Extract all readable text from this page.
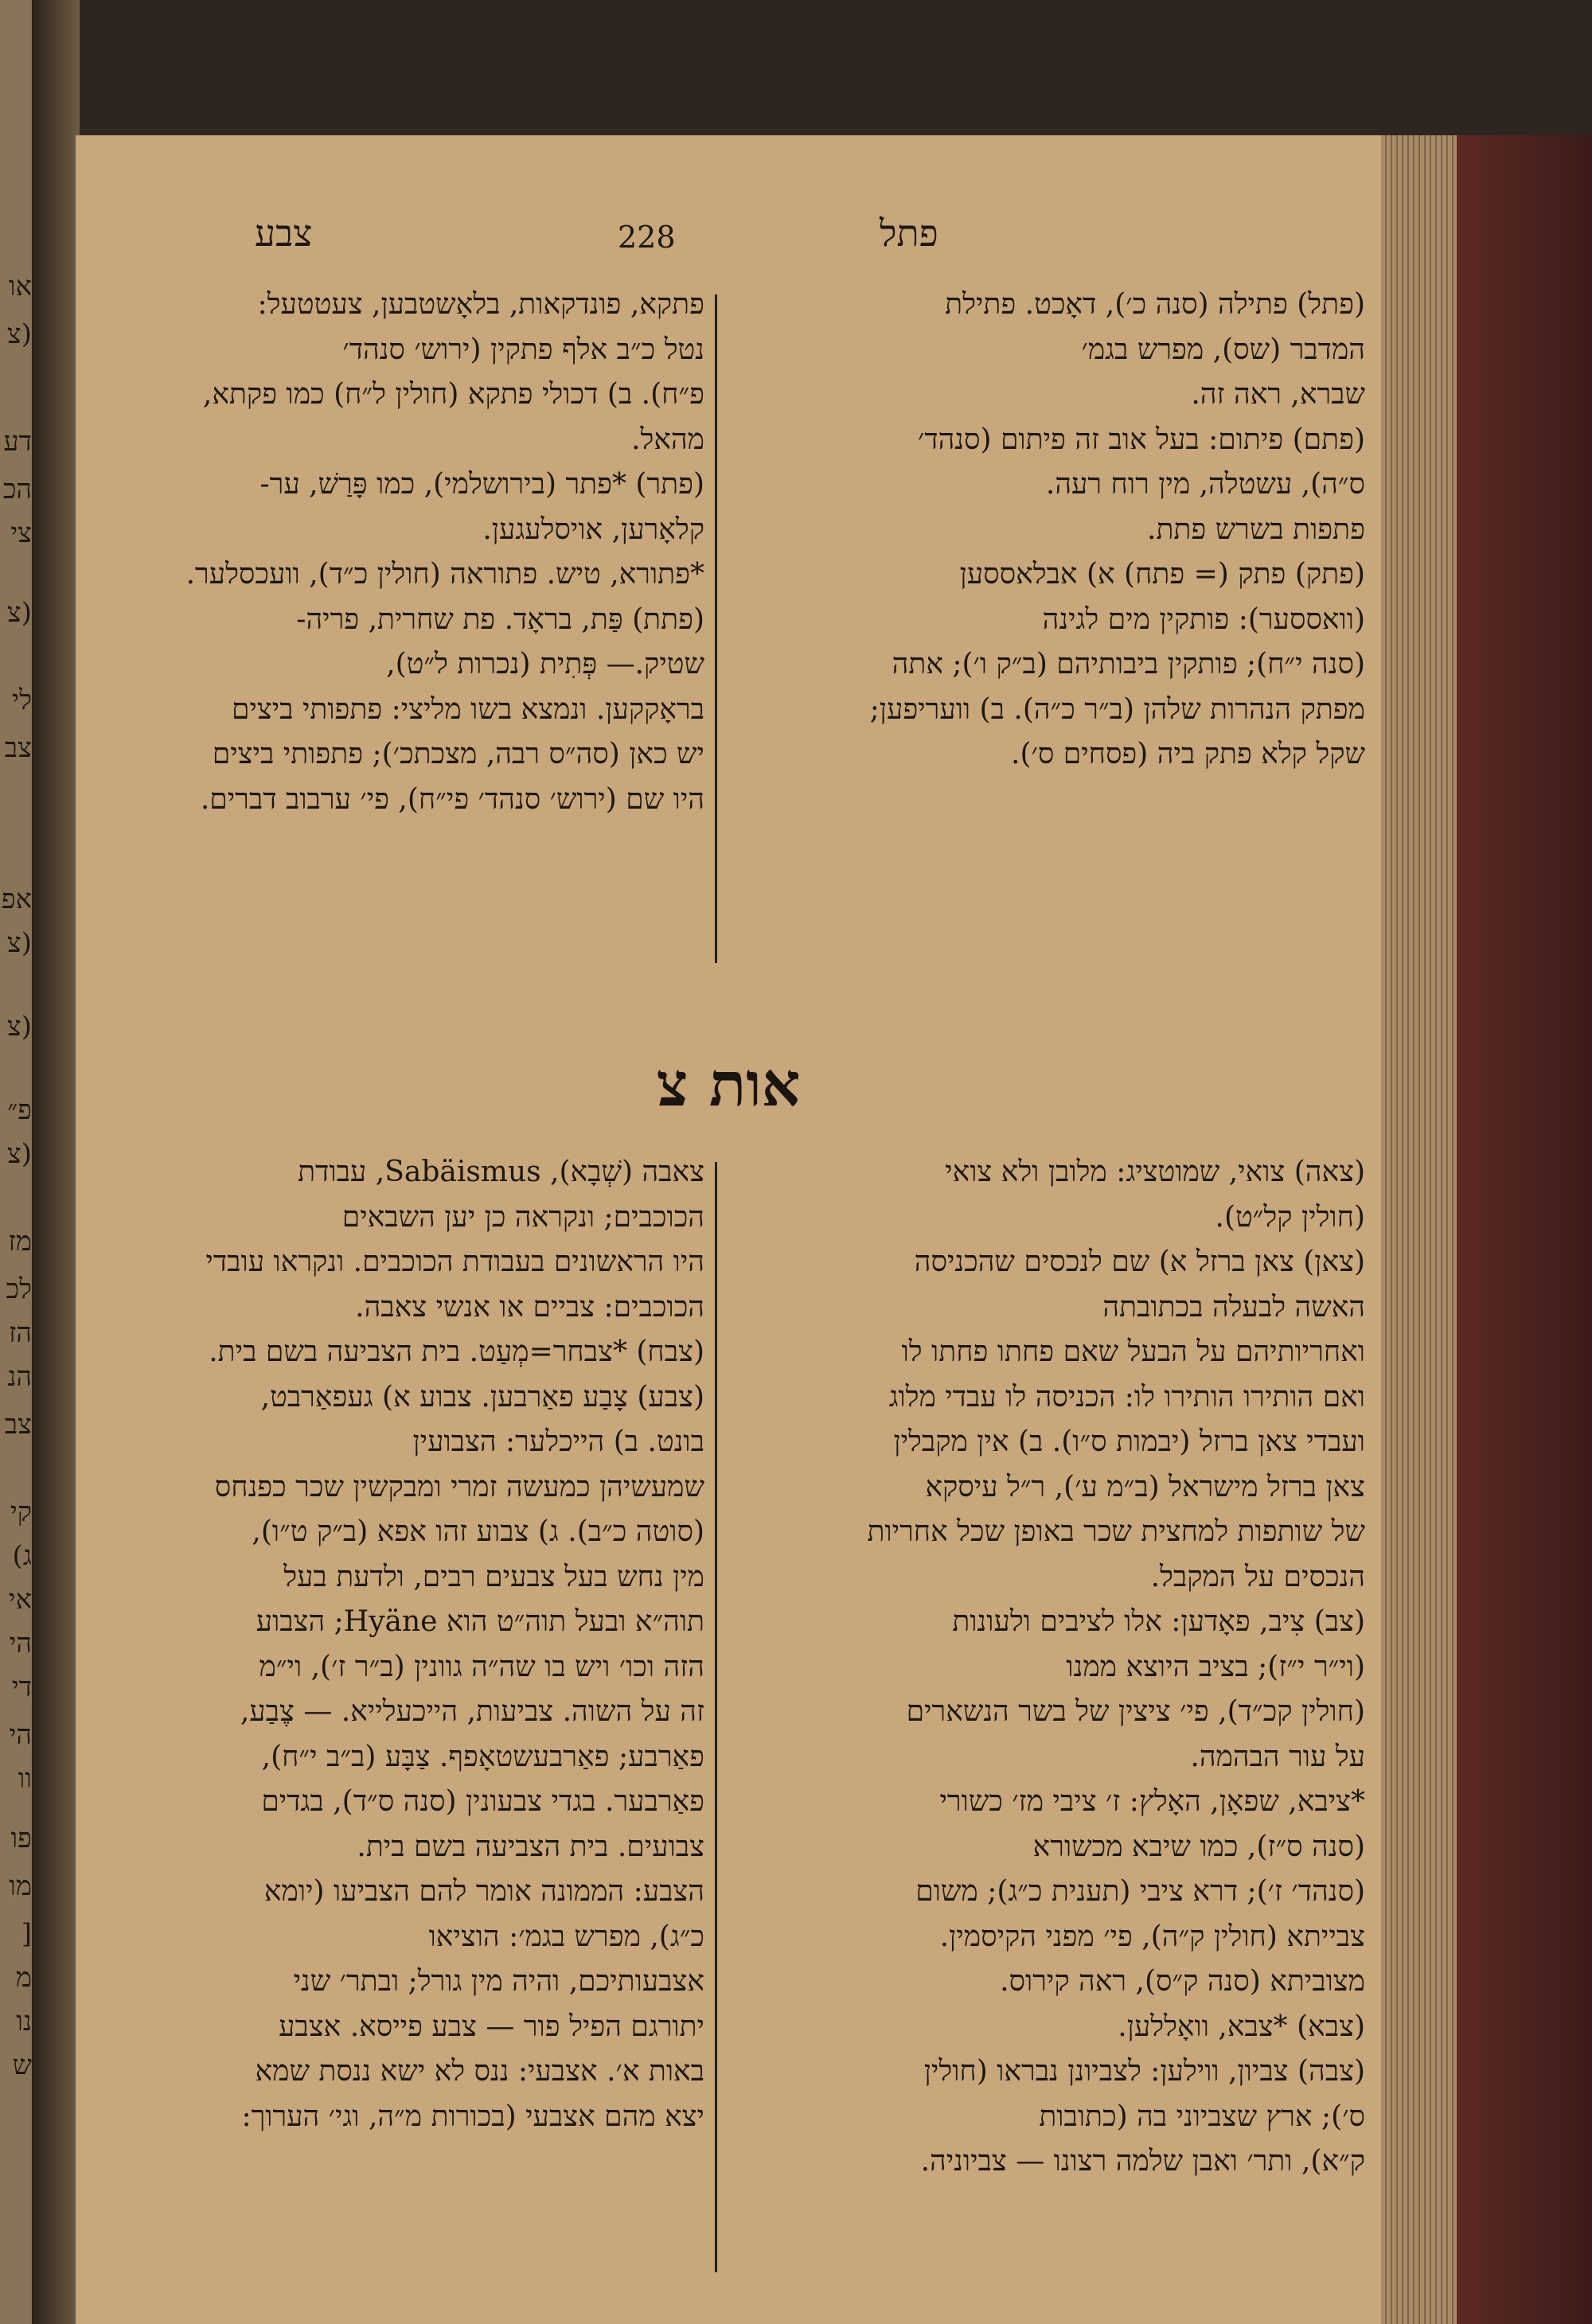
או
(צ
דע
הכ
צי
(צ
לי
צב
אפ
(צ
(צ
פ״
(צ
מז
לכ
הז
הנ
צב
קי
ג)
אי
הי
די
הי
וו
פו
מו
[
מ
נו
ש
פתל
228
צבע

(פתל) פתילה (סנה כ׳), דאָכט. פתילת

המדבר (שס), מפרש בגמ׳

שברא, ראה זה.

(פתם) פיתום: בעל אוב זה פיתום (סנהד׳

ס״ה), עשטלה, מין רוח רעה.

פתפות בשרש פתת.

(פתק) פתק (= פתח) א) אבלאססען

(וואססער): פותקין מים לגינה

(סנה י״ח); פותקין ביבותיהם (ב״ק ו׳); אתה

מפתק הנהרות שלהן (ב״ר כ״ה). ב) וועריפען;

שקל קלא פתק ביה (פסחים ס׳).

פתקא, פונדקאות, בלאָשטבען, צעטטעל:

נטל כ״ב אלף פתקין (ירוש׳ סנהד׳

פ״ח). ב) דכולי פתקא (חולין ל״ח) כמו פקתא,

מהאל.

(פתר) *פתר (בירושלמי), כמו פָּרַשׁ, ער-

קלאָרען, אויסלעגען.

*פתורא, טיש. פתוראה (חולין כ״ד), וועכסלער.

(פתת) פַּת, בראָד. פת שחרית, פריה-

שטיק.— פְּתִית (נכרות ל״ט),

בראָקקען. ונמצא בשו מליצי: פתפותי ביצים

יש כאן (סה״ס רבה, מצכתכ׳); פתפותי ביצים

היו שם (ירוש׳ סנהד׳ פי״ח), פי׳ ערבוב דברים.

אות צ

(צאה) צואי, שמוטציג: מלובן ולא צואי

(חולין קל״ט).

(צאן) צאן ברזל א) שם לנכסים שהכניסה

האשה לבעלה בכתובתה

ואחריותיהם על הבעל שאם פחתו פחתו לו

ואם הותירו הותירו לו: הכניסה לו עבדי מלוג

ועבדי צאן ברזל (יבמות ס״ו). ב) אין מקבלין

צאן ברזל מישראל (ב״מ ע׳), ר״ל עיסקא

של שותפות למחצית שכר באופן שכל אחריות

הנכסים על המקבל.

(צב) צִיב, פאָדען: אלו לציבים ולעונות

(וי״ר י״ז); בציב היוצא ממנו

(חולין קכ״ד), פי׳ ציצין של בשר הנשארים

על עור הבהמה.

*ציבא, שפאָן, האָלץ: ז׳ ציבי מז׳ כשורי

(סנה ס״ז), כמו שיבא מכשורא

(סנהד׳ ז׳); דרא ציבי (תענית כ״ג); משום

צבייתא (חולין ק״ה), פי׳ מפני הקיסמין.

מצוביתא (סנה ק״ס), ראה קירוס.

(צבא) *צבא, וואָללען.

(צבה) צביון, ווילען: לצביונן נבראו (חולין

ס׳); ארץ שצביוני בה (כתובות

ק״א), ותר׳ ואבן שלמה רצונו — צביוניה.

צאבה (שְׁבָא), Sabäismus, עבודת

הכוכבים; ונקראה כן יען השבאים

היו הראשונים בעבודת הכוכבים. ונקראו עובדי

הכוכבים: צביים או אנשי צאבה.

(צבח) *צבחר=מְעַט. בית הצביעה בשם בית.

(צבע) צָבַע פאַרבען. צבוע א) געפאַרבט,

בונט. ב) הייכלער: הצבועין

שמעשיהן כמעשה זמרי ומבקשין שכר כפנחס

(סוטה כ״ב). ג) צבוע זהו אפא (ב״ק ט״ו),

מין נחש בעל צבעים רבים, ולדעת בעל

תוה״א ובעל תוה״ט הוא Hyäne; הצבוע

הזה וכו׳ ויש בו שה״ה גוונין (ב״ר ז׳), וי״מ

זה על השוה. צביעות, הייכעלייא. — צֶבַע,

פאַרבע; פאַרבעשטאָפף. צַבָּע (ב״ב י״ח),

פאַרבער. בגדי צבעונין (סנה ס״ד), בגדים

צבועים. בית הצביעה בשם בית.

הצבע: הממונה אומר להם הצביעו (יומא

כ״ג), מפרש בגמ׳: הוציאו

אצבעותיכם, והיה מין גורל; ובתר׳ שני

יתורגם הפיל פור — צבע פייסא. אצבע

באות א׳. אצבעי: ננס לא ישא ננסת שמא

יצא מהם אצבעי (בכורות מ״ה, וגי׳ הערוך:
